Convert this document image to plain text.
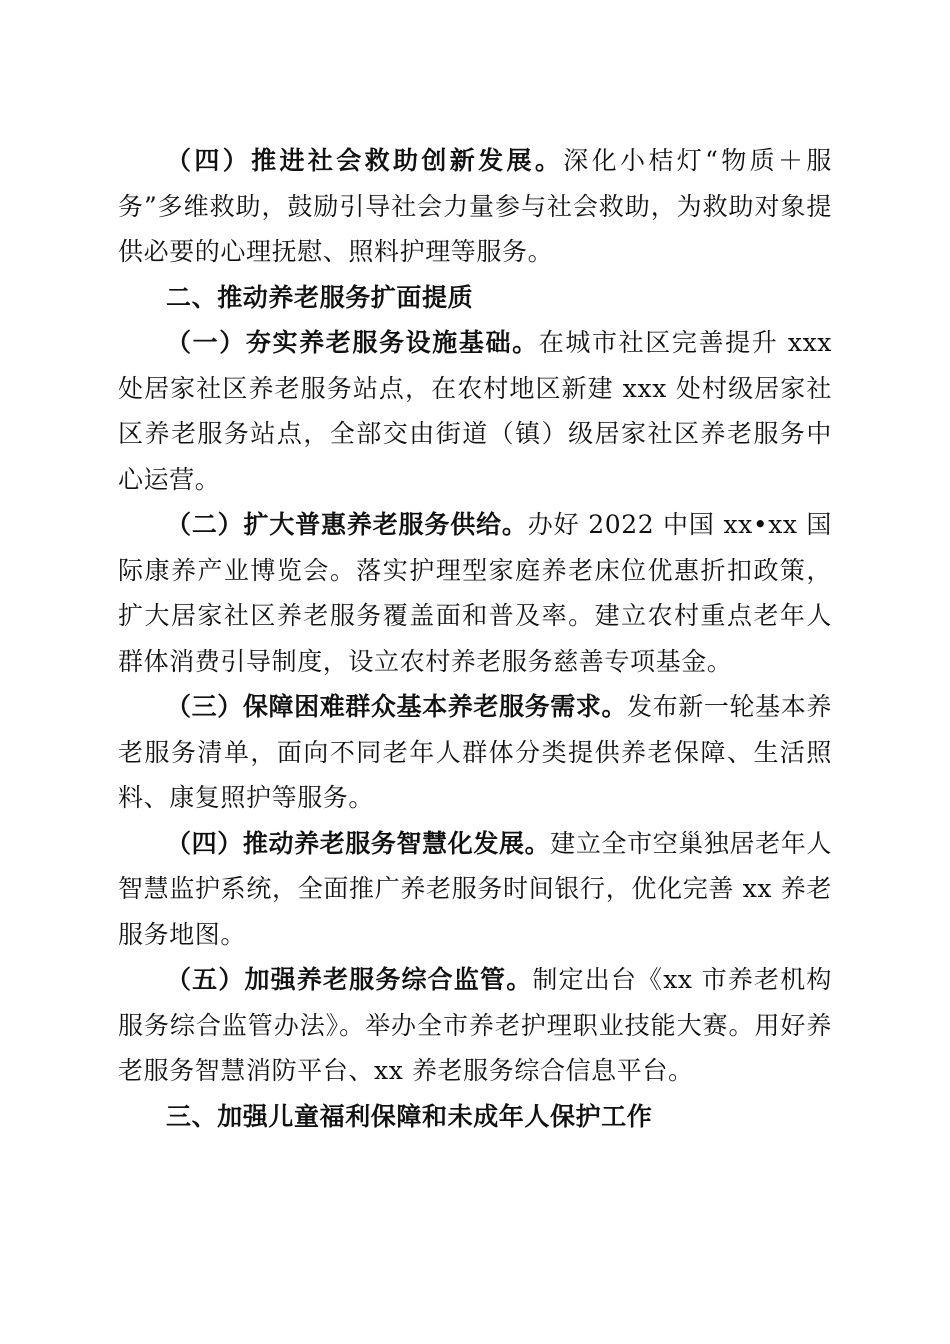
（四）推进社会救助创新发展。深化小桔灯“物质＋服务”多维救助，鼓励引导社会力量参与社会救助，为救助对象提供必要的心理抚慰、照料护理等服务。

二、推动养老服务扩面提质

（一）夯实养老服务设施基础。在城市社区完善提升 xxx 处居家社区养老服务站点，在农村地区新建 xxx 处村级居家社区养老服务站点，全部交由街道（镇）级居家社区养老服务中心运营。

（二）扩大普惠养老服务供给。办好 2022 中国 xx•xx 国际康养产业博览会。落实护理型家庭养老床位优惠折扣政策，扩大居家社区养老服务覆盖面和普及率。建立农村重点老年人群体消费引导制度，设立农村养老服务慈善专项基金。

（三）保障困难群众基本养老服务需求。发布新一轮基本养老服务清单，面向不同老年人群体分类提供养老保障、生活照料、康复照护等服务。

（四）推动养老服务智慧化发展。建立全市空巢独居老年人智慧监护系统，全面推广养老服务时间银行，优化完善 xx 养老服务地图。

（五）加强养老服务综合监管。制定出台《xx 市养老机构服务综合监管办法》。举办全市养老护理职业技能大赛。用好养老服务智慧消防平台、xx 养老服务综合信息平台。

三、加强儿童福利保障和未成年人保护工作
